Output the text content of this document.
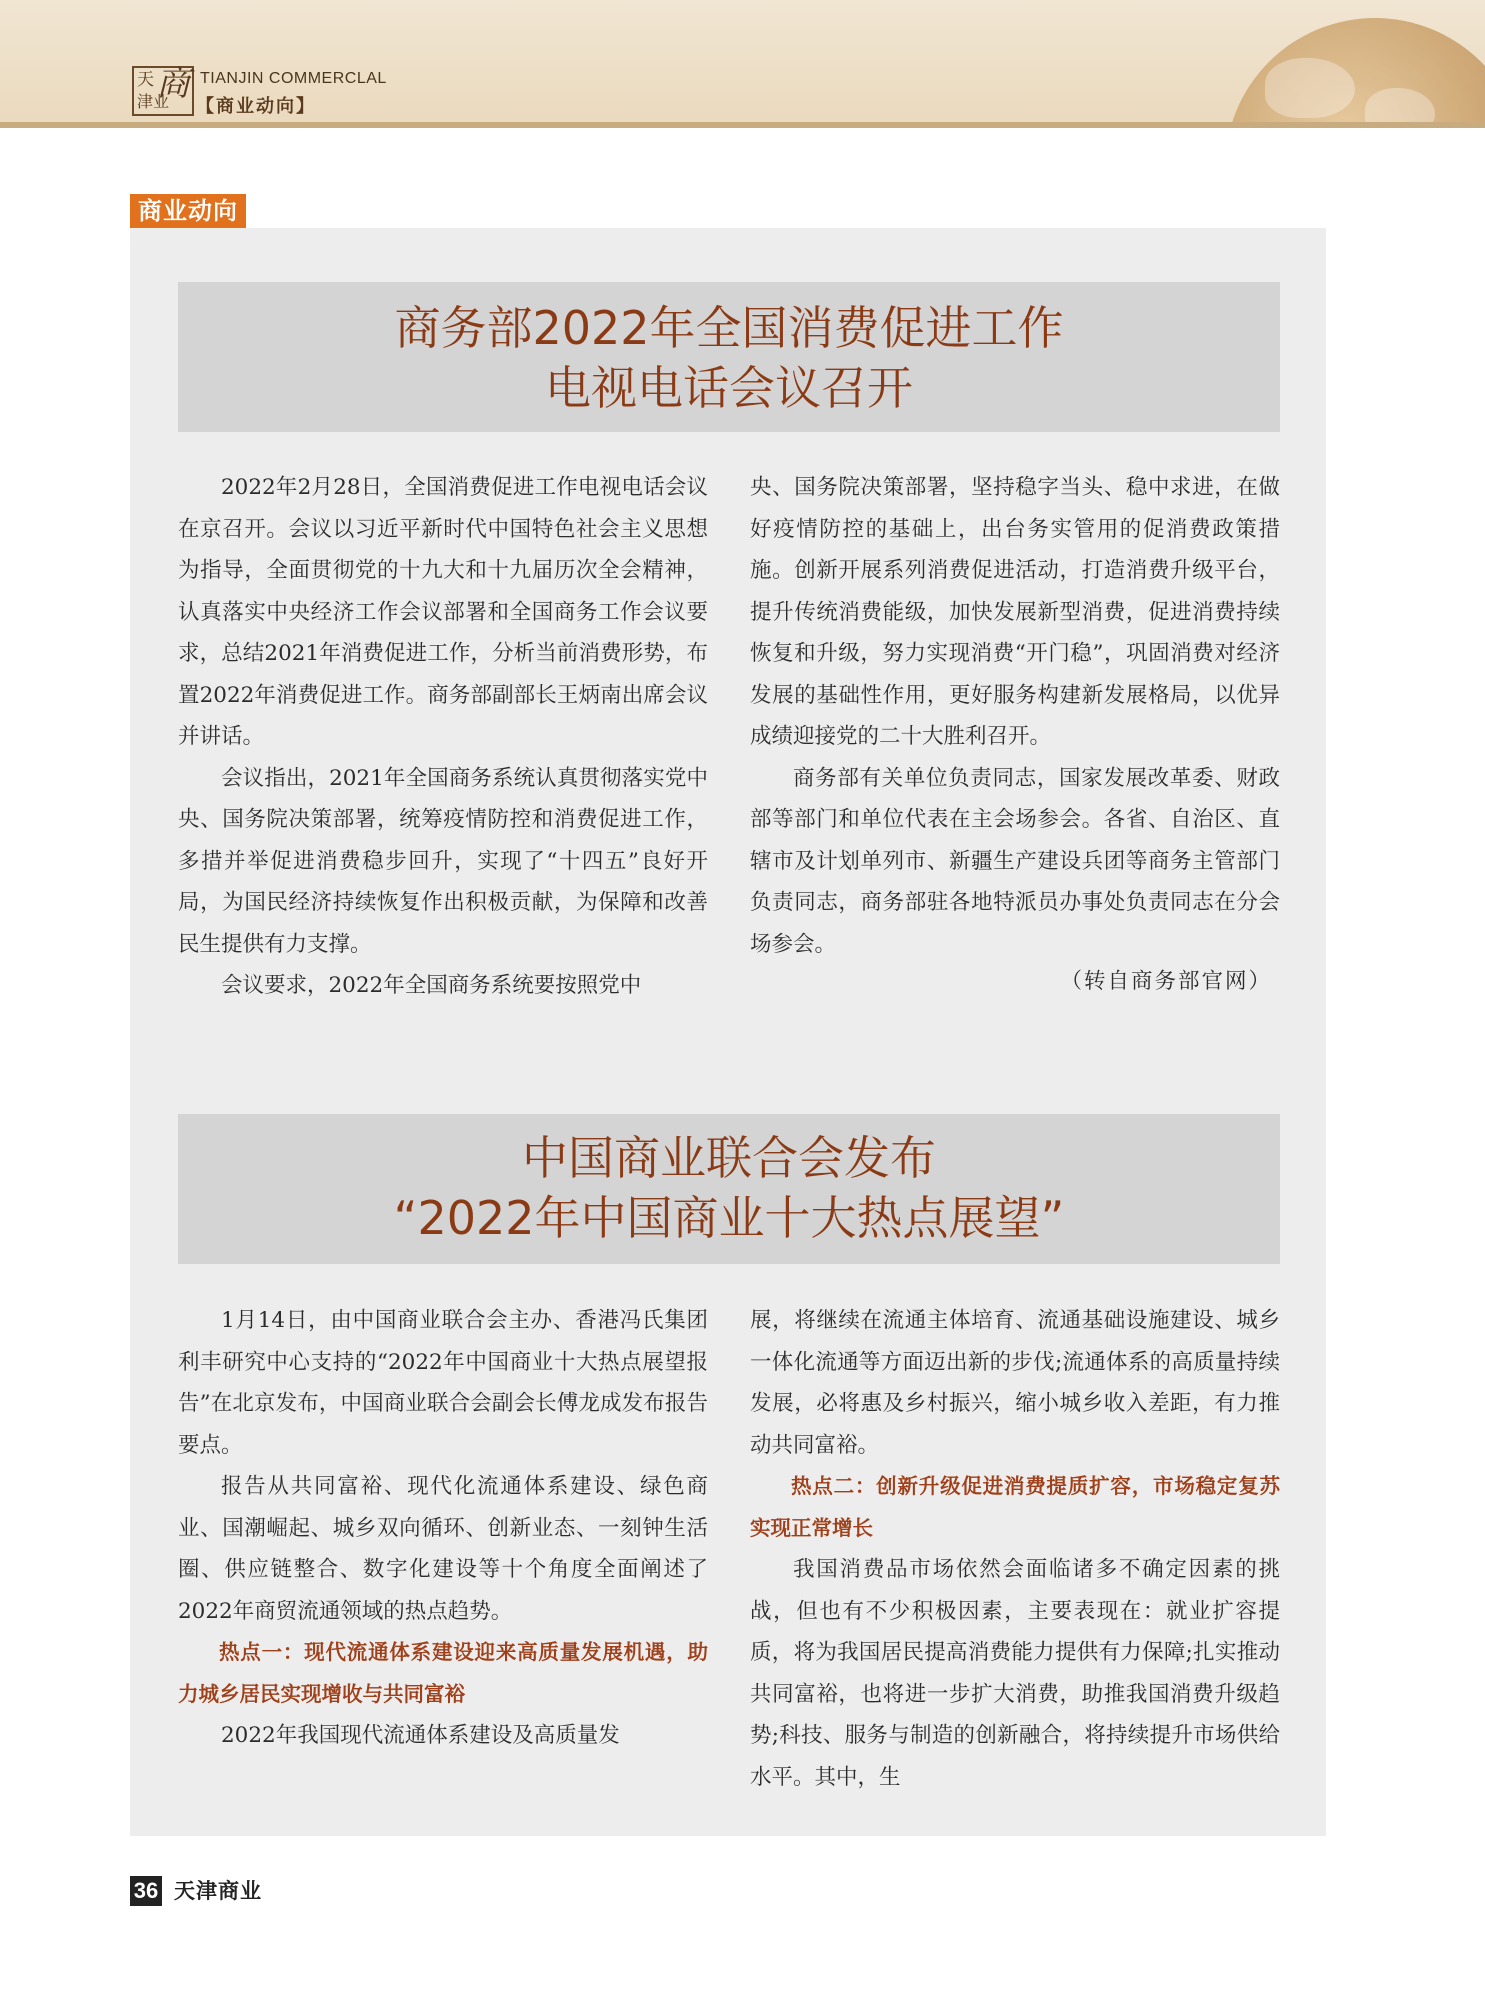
天
津业
商 TIANJIN COMMERCLAL
【商业动向】
商业动向
商务部2022年全国消费促进工作
电视电话会议召开

2022年2月28日，全国消费促进工作电视电话会议在京召开。会议以习近平新时代中国特色社会主义思想为指导，全面贯彻党的十九大和十九届历次全会精神，认真落实中央经济工作会议部署和全国商务工作会议要求，总结2021年消费促进工作，分析当前消费形势，布置2022年消费促进工作。商务部副部长王炳南出席会议并讲话。

会议指出，2021年全国商务系统认真贯彻落实党中央、国务院决策部署，统筹疫情防控和消费促进工作，多措并举促进消费稳步回升，实现了“十四五”良好开局，为国民经济持续恢复作出积极贡献，为保障和改善民生提供有力支撑。

会议要求，2022年全国商务系统要按照党中

央、国务院决策部署，坚持稳字当头、稳中求进，在做好疫情防控的基础上，出台务实管用的促消费政策措施。创新开展系列消费促进活动，打造消费升级平台，提升传统消费能级，加快发展新型消费，促进消费持续恢复和升级，努力实现消费“开门稳”，巩固消费对经济发展的基础性作用，更好服务构建新发展格局，以优异成绩迎接党的二十大胜利召开。

商务部有关单位负责同志，国家发展改革委、财政部等部门和单位代表在主会场参会。各省、自治区、直辖市及计划单列市、新疆生产建设兵团等商务主管部门负责同志，商务部驻各地特派员办事处负责同志在分会场参会。

（转自商务部官网）

中国商业联合会发布
“2022年中国商业十大热点展望”

1月14日，由中国商业联合会主办、香港冯氏集团利丰研究中心支持的“2022年中国商业十大热点展望报告”在北京发布，中国商业联合会副会长傅龙成发布报告要点。

报告从共同富裕、现代化流通体系建设、绿色商业、国潮崛起、城乡双向循环、创新业态、一刻钟生活圈、供应链整合、数字化建设等十个角度全面阐述了2022年商贸流通领域的热点趋势。

热点一：现代流通体系建设迎来高质量发展机遇，助力城乡居民实现增收与共同富裕

2022年我国现代流通体系建设及高质量发

展，将继续在流通主体培育、流通基础设施建设、城乡一体化流通等方面迈出新的步伐;流通体系的高质量持续发展，必将惠及乡村振兴，缩小城乡收入差距，有力推动共同富裕。

热点二：创新升级促进消费提质扩容，市场稳定复苏实现正常增长

我国消费品市场依然会面临诸多不确定因素的挑战，但也有不少积极因素，主要表现在：就业扩容提质，将为我国居民提高消费能力提供有力保障;扎实推动共同富裕，也将进一步扩大消费，助推我国消费升级趋势;科技、服务与制造的创新融合，将持续提升市场供给水平。其中，生

36 天津商业
